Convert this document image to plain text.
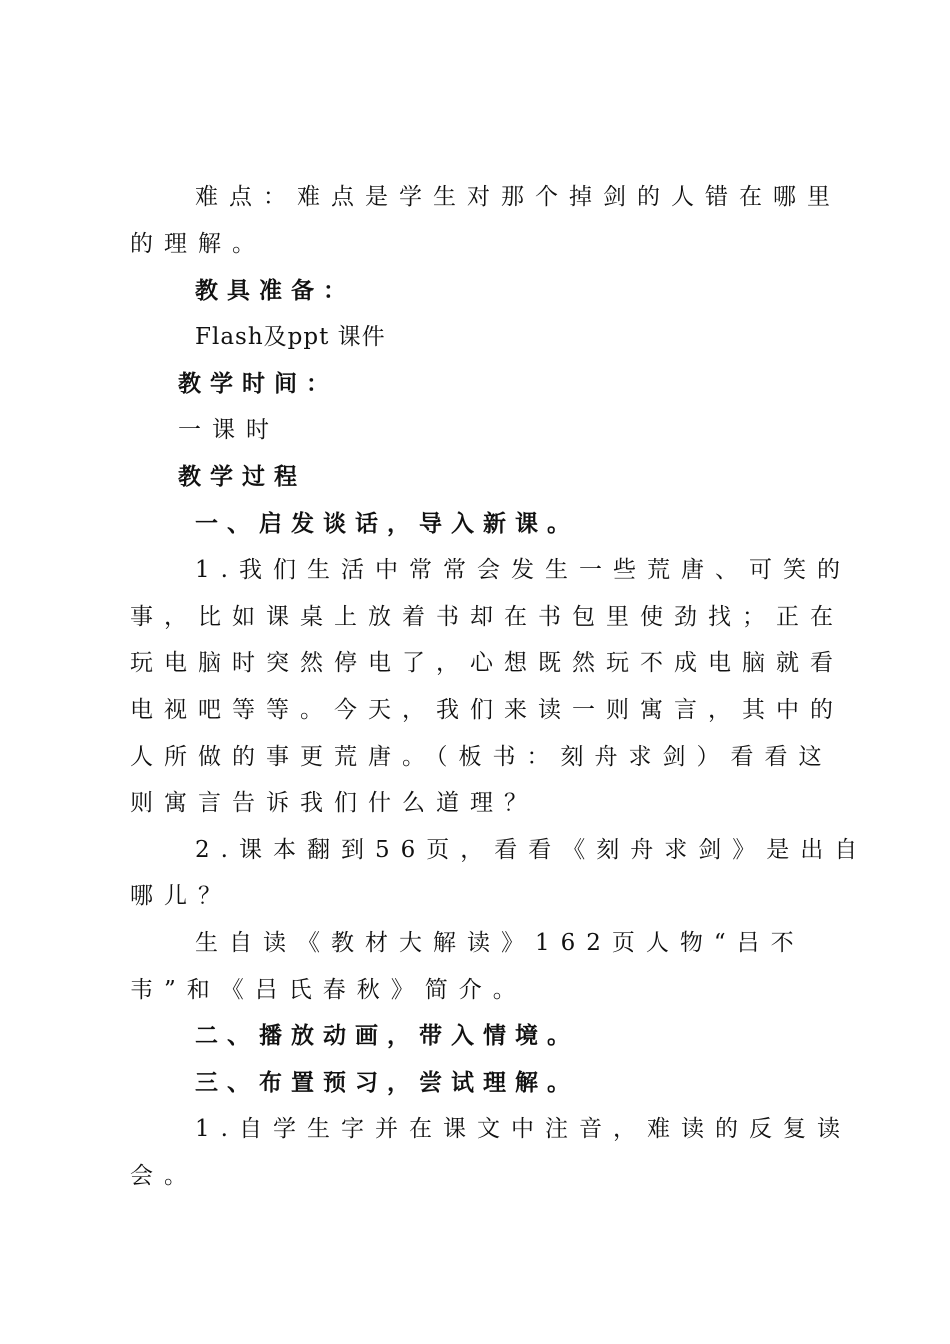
难点：难点是学生对那个掉剑的人错在哪里
的理解。
教具准备：
Flash及ppt 课件
教学时间：
一课时
教学过程
一、启发谈话，导入新课。
1.我们生活中常常会发生一些荒唐、可笑的
事，比如课桌上放着书却在书包里使劲找；正在
玩电脑时突然停电了，心想既然玩不成电脑就看
电视吧等等。今天，我们来读一则寓言，其中的
人所做的事更荒唐。（板书：刻舟求剑）看看这
则寓言告诉我们什么道理？
2.课本翻到56页，看看《刻舟求剑》是出自
哪儿？
生自读《教材大解读》162页人物“吕不
韦”和《吕氏春秋》简介。
二、播放动画，带入情境。
三、布置预习，尝试理解。
1.自学生字并在课文中注音，难读的反复读
会。
